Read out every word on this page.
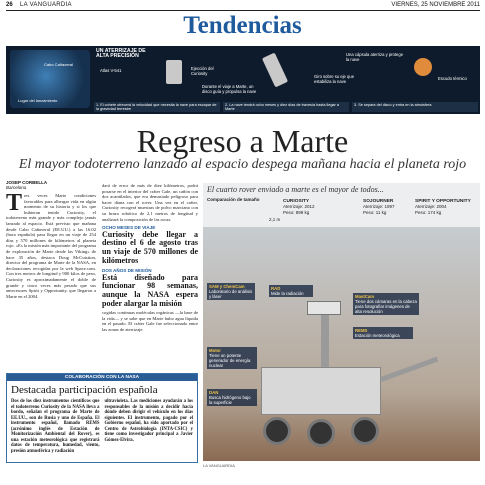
26 LA VANGUARDIA	VIERNES, 25 NOVIEMBRE 2011
Tendencias
Cabo Cañaveral
Lugar del lanzamiento
UN ATERRIZAJE DE ALTA PRECISIÓN
Atlas V-541	Ejección del Curiosity
Durante el viaje a Marte, un disco guía y propulsa la nave
Una cápsula aterriza y protege la nave
Giro sobre su eje que estabiliza la nave
Escudo térmico
1. El cohete ofrecerá la velocidad que necesita la nave para escapar de la gravedad terrestre
2. La nave tendrá ocho meses y diez días de travesía hasta llegar a Marte
3. Se separa del disco y entra en la atmósfera
Regreso a Marte
El mayor todoterreno lanzado al espacio despega mañana hacia el planeta rojo
JOSEP CORBELLA
Barcelona
Tres veces Marte condiciones favorables para albergar vida en algún momento de su historia y si los que hubieran tenido Curiosity, el todoterreno más grande y más complejo jamás lanzado al espacio. Está previsto que mañana desde Cabo Cañaveral (EE.UU.) a las 16.02 (hora española) para llegar en un viaje de 254 días y 570 millones de kilómetros al planeta rojo. «Es la misión más importante del programa de exploración de Marte desde las Viking» de hace 35 años, destaca Doug McCuistion, director del programa de Marte de la NASA, en declaraciones recogidas por la web Space.com. Con tres metros de longitud y 900 kilos de peso, Curiosity es aproximadamente el doble de grande y cinco veces más pesado que sus antecesores Spirit y Opportunity, que llegaron a Marte en el 2004.

dará de error de más de diez kilómetros, podrá posarse en el interior del cráter Gale, un cañón con dos acantilados, que era demasiado peligroso para hacer diana con el rover. Una vez en el cráter, Curiosity recogerá muestras de polvo marciano con su brazo robótico de 2,1 metros de longitud y analizará la composición de las rocas.

OCHO MESES DE VIAJE

Curiosity debe llegar a destino el 6 de agosto tras un viaje de 570 millones de kilómetros

DOS AÑOS DE MISIÓN

Está diseñado para funcionar 98 semanas, aunque la NASA espera poder alargar la misión

cogidas continuas moléculas orgánicas —la base de la vida— y se sabe que en Marte hubo agua líquida en el pasado. El cráter Gale fue seleccionado entre las zonas de aterrizaje.

El cuarto rover enviado a marte es el mayor de todos...
Comparación de tamaño	CURIOSITY
Aterrizaje: 2012
Peso: 899 kg
SOJOURNER
Aterrizaje: 1997
Peso: 11 kg
SPIRIT Y OPPORTUNITY
Aterrizaje: 2004
Peso: 174 kg
2,1 m
SAM y ChemCam
Laboratorio de análisis y láser
RAD
Mide la radiación
MastCam
Tiene dos cámaras en la cabeza para fotografiar imágenes de alta resolución
REMS
Estación meteorológica
Motor
Tiene un potente generador de energía nuclear
DAN
Busca hidrógeno bajo la superficie
COLABORACIÓN CON LA NASA
Destacada participación española

Dos de los diez instrumentos científicos que el todoterreno Curiosity de la NASA lleva a bordo, señalan el programa de Marte de EE.UU., son de Rusia y uno de España. El instrumento español, llamado REMS (acrónimo inglés de Estación de Monitorización Ambiental del Rover), es una estación meteorológica que registrará datos de temperatura, humedad, viento, presión atmosférica y radiación

ultravioleta. Las mediciones ayudarán a los responsables de la misión a decidir hacia dónde deben dirigir el vehículo en los días siguientes. El instrumento, pagado por el Gobierno español, ha sido aportado por el Centro de Astrobiología (INTA-CSIC) y tiene como investigador principal a Javier Gómez-Elvira.

LA VANGUARDIA
